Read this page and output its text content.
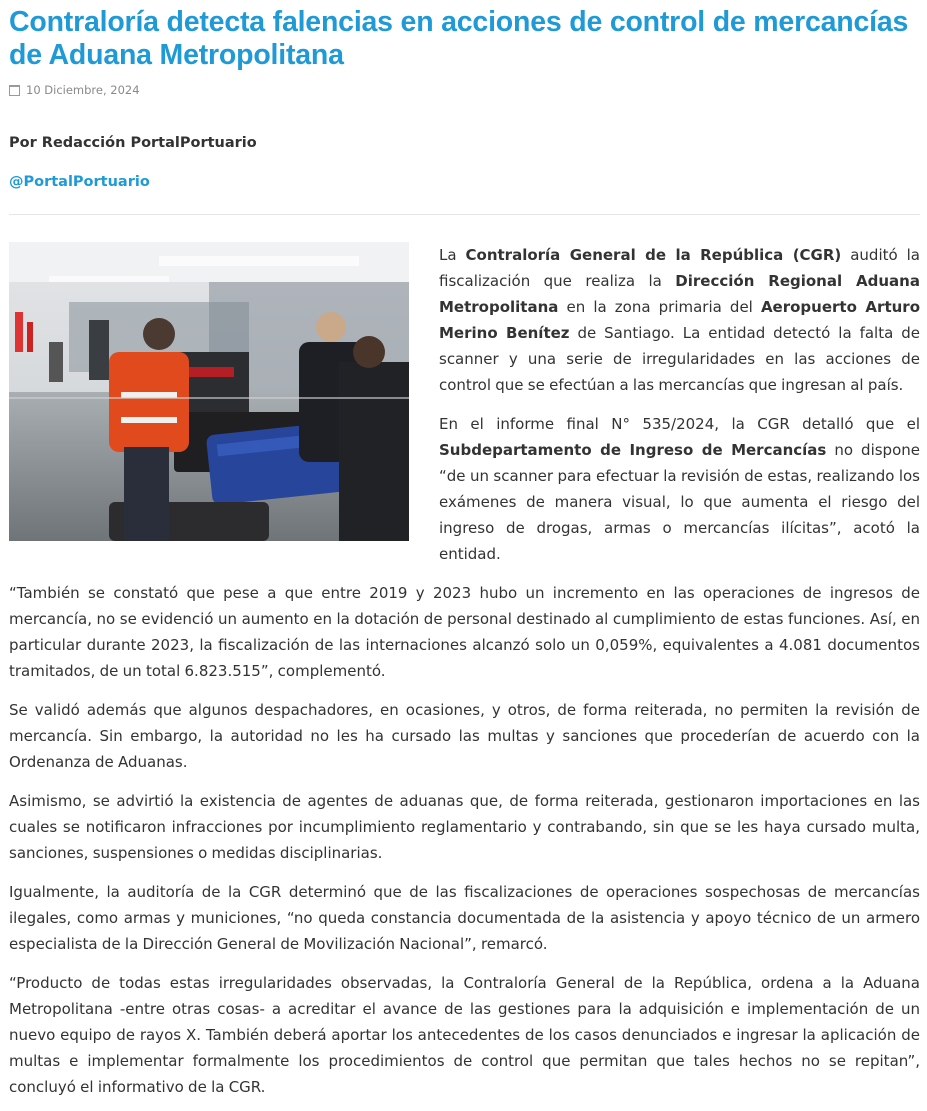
Contraloría detecta falencias en acciones de control de mercancías de Aduana Metropolitana
10 Diciembre, 2024
Por Redacción PortalPortuario
@PortalPortuario

La Contraloría General de la República (CGR) auditó la fiscalización que realiza la Dirección Regional Aduana Metropolitana en la zona primaria del Aeropuerto Arturo Merino Benítez de Santiago. La entidad detectó la falta de scanner y una serie de irregularidades en las acciones de control que se efectúan a las mercancías que ingresan al país.

En el informe final N° 535/2024, la CGR detalló que el Subdepartamento de Ingreso de Mercancías no dispone “de un scanner para efectuar la revisión de estas, realizando los exámenes de manera visual, lo que aumenta el riesgo del ingreso de drogas, armas o mercancías ilícitas”, acotó la entidad.

“También se constató que pese a que entre 2019 y 2023 hubo un incremento en las operaciones de ingresos de mercancía, no se evidenció un aumento en la dotación de personal destinado al cumplimiento de estas funciones. Así, en particular durante 2023, la fiscalización de las internaciones alcanzó solo un 0,059%, equivalentes a 4.081 documentos tramitados, de un total 6.823.515”, complementó.

Se validó además que algunos despachadores, en ocasiones, y otros, de forma reiterada, no permiten la revisión de mercancía. Sin embargo, la autoridad no les ha cursado las multas y sanciones que procederían de acuerdo con la Ordenanza de Aduanas.

Asimismo, se advirtió la existencia de agentes de aduanas que, de forma reiterada, gestionaron importaciones en las cuales se notificaron infracciones por incumplimiento reglamentario y contrabando, sin que se les haya cursado multa, sanciones, suspensiones o medidas disciplinarias.

Igualmente, la auditoría de la CGR determinó que de las fiscalizaciones de operaciones sospechosas de mercancías ilegales, como armas y municiones, “no queda constancia documentada de la asistencia y apoyo técnico de un armero especialista de la Dirección General de Movilización Nacional”, remarcó.

“Producto de todas estas irregularidades observadas, la Contraloría General de la República, ordena a la Aduana Metropolitana -entre otras cosas- a acreditar el avance de las gestiones para la adquisición e implementación de un nuevo equipo de rayos X. También deberá aportar los antecedentes de los casos denunciados e ingresar la aplicación de multas e implementar formalmente los procedimientos de control que permitan que tales hechos no se repitan”, concluyó el informativo de la CGR.
